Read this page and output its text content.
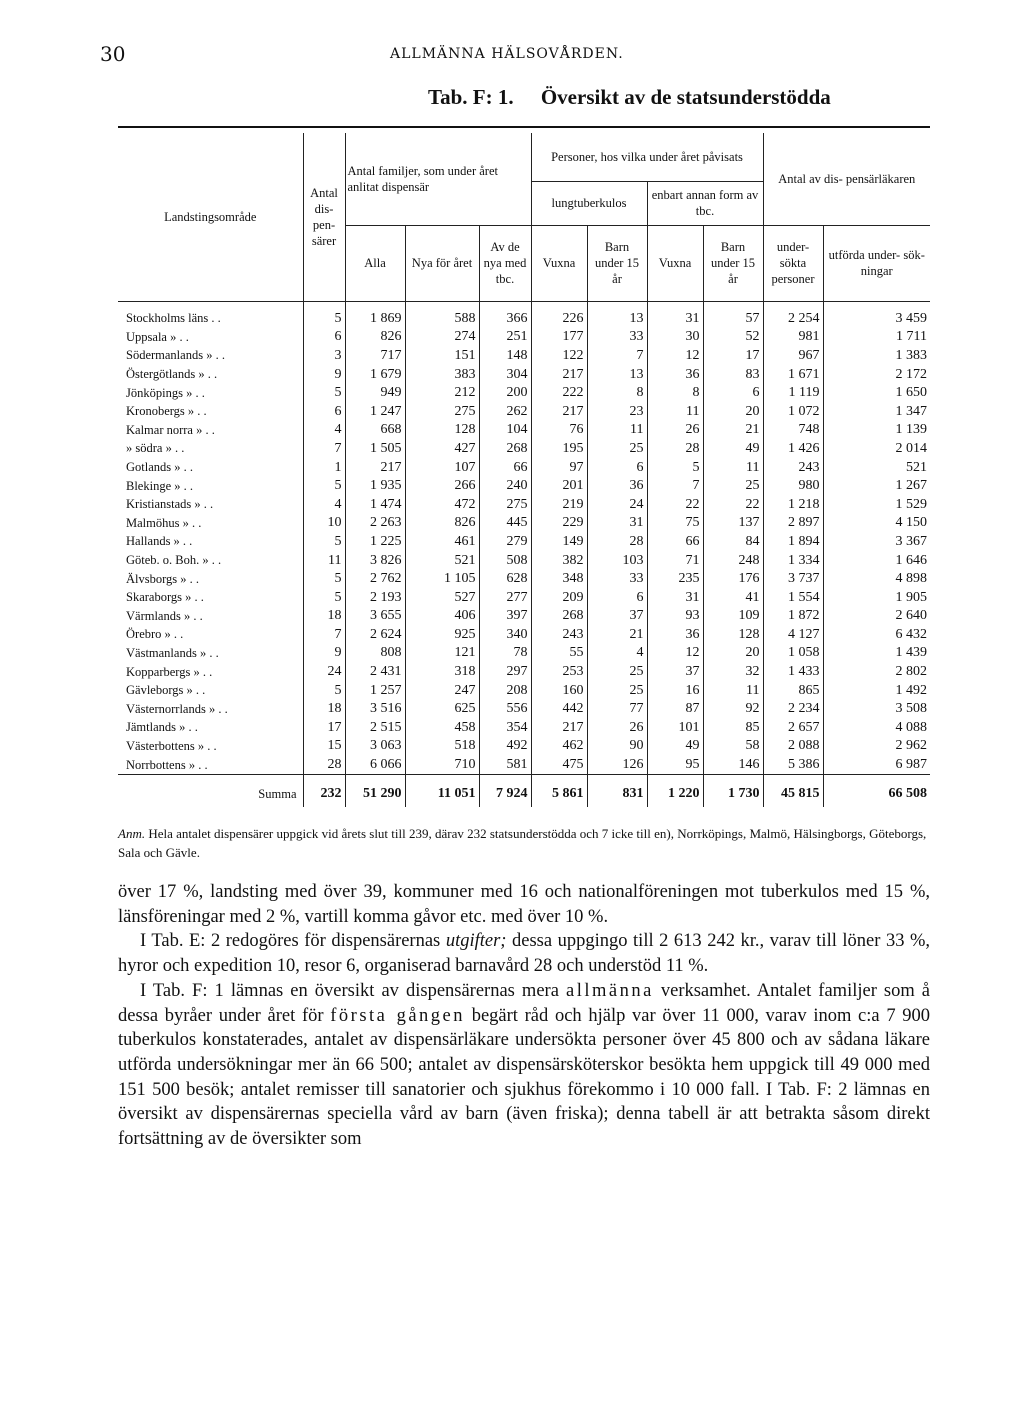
30	ALLMÄNNA HÄLSOVÅRDEN.
Tab. F: 1. Översikt av de statsunderstödda
Landstingsområde	Antal dis- pen- särer	Antal familjer, som under året anlitat dispensär			Personer, hos vilka under året påvisats				Antal av dis- pensärläkaren	
					lungtuberkulos		enbart annan form av tbc.			
		Alla	Nya för året	Av de nya med tbc.	Vuxna	Barn under 15 år	Vuxna	Barn under 15 år	under- sökta personer	utförda under- sök- ningar
Stockholms läns . .	5	1 869	588	366	226	13	31	57	2 254	3 459
Uppsala » . .	6	826	274	251	177	33	30	52	981	1 711
Södermanlands » . .	3	717	151	148	122	7	12	17	967	1 383
Östergötlands » . .	9	1 679	383	304	217	13	36	83	1 671	2 172
Jönköpings » . .	5	949	212	200	222	8	8	6	1 119	1 650
Kronobergs » . .	6	1 247	275	262	217	23	11	20	1 072	1 347
Kalmar norra » . .	4	668	128	104	76	11	26	21	748	1 139
» södra » . .	7	1 505	427	268	195	25	28	49	1 426	2 014
Gotlands » . .	1	217	107	66	97	6	5	11	243	521
Blekinge » . .	5	1 935	266	240	201	36	7	25	980	1 267
Kristianstads » . .	4	1 474	472	275	219	24	22	22	1 218	1 529
Malmöhus » . .	10	2 263	826	445	229	31	75	137	2 897	4 150
Hallands » . .	5	1 225	461	279	149	28	66	84	1 894	3 367
Göteb. o. Boh. » . .	11	3 826	521	508	382	103	71	248	1 334	1 646
Älvsborgs » . .	5	2 762	1 105	628	348	33	235	176	3 737	4 898
Skaraborgs » . .	5	2 193	527	277	209	6	31	41	1 554	1 905
Värmlands » . .	18	3 655	406	397	268	37	93	109	1 872	2 640
Örebro » . .	7	2 624	925	340	243	21	36	128	4 127	6 432
Västmanlands » . .	9	808	121	78	55	4	12	20	1 058	1 439
Kopparbergs » . .	24	2 431	318	297	253	25	37	32	1 433	2 802
Gävleborgs » . .	5	1 257	247	208	160	25	16	11	865	1 492
Västernorrlands » . .	18	3 516	625	556	442	77	87	92	2 234	3 508
Jämtlands » . .	17	2 515	458	354	217	26	101	85	2 657	4 088
Västerbottens » . .	15	3 063	518	492	462	90	49	58	2 088	2 962
Norrbottens » . .	28	6 066	710	581	475	126	95	146	5 386	6 987
Summa	232	51 290	11 051	7 924	5 861	831	1 220	1 730	45 815	66 508
Anm. Hela antalet dispensärer uppgick vid årets slut till 239, därav 232 statsunderstödda och 7 icke till en), Norrköpings, Malmö, Hälsingborgs, Göteborgs, Sala och Gävle.

över 17 %, landsting med över 39, kommuner med 16 och nationalföreningen mot tuberkulos med 15 %, länsföreningar med 2 %, vartill komma gåvor etc. med över 10 %.

I Tab. E: 2 redogöres för dispensärernas utgifter; dessa uppgingo till 2 613 242 kr., varav till löner 33 %, hyror och expedition 10, resor 6, organiserad barnavård 28 och understöd 11 %.

I Tab. F: 1 lämnas en översikt av dispensärernas mera allmänna verksamhet. Antalet familjer som å dessa byråer under året för första gången begärt råd och hjälp var över 11 000, varav inom c:a 7 900 tuberkulos konstaterades, antalet av dispensärläkare undersökta personer över 45 800 och av sådana läkare utförda undersökningar mer än 66 500; antalet av dispensärsköterskor besökta hem uppgick till 49 000 med 151 500 besök; antalet remisser till sanatorier och sjukhus förekommo i 10 000 fall. I Tab. F: 2 lämnas en översikt av dispensärernas speciella vård av barn (även friska); denna tabell är att betrakta såsom direkt fortsättning av de översikter som
